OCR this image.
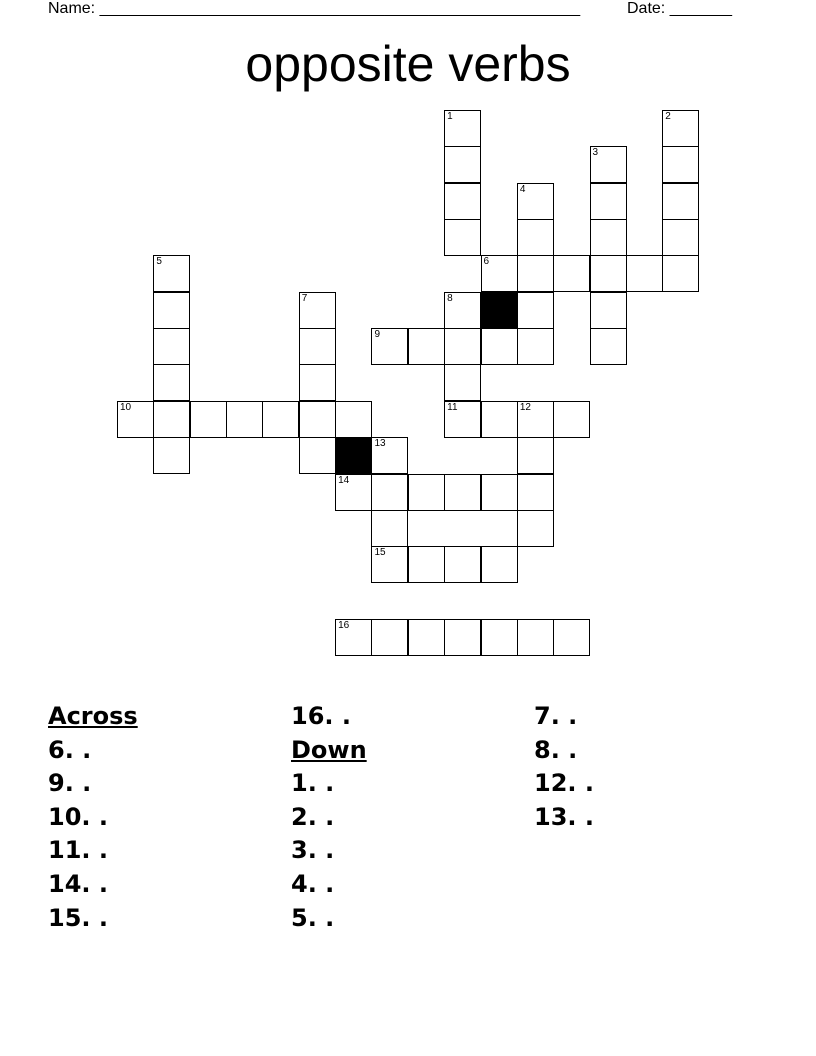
Name: ______________________________________________________	Date: _______
opposite verbs
1	2
3
4
5	6
7	8
11
9
10	12
13
15
14
16
Across
6. .
9. .
10. .
11. .
14. .
15. .
16. .
Down
1. .
2. .
3. .
4. .
5. .
7. .
8. .
12. .
13. .
